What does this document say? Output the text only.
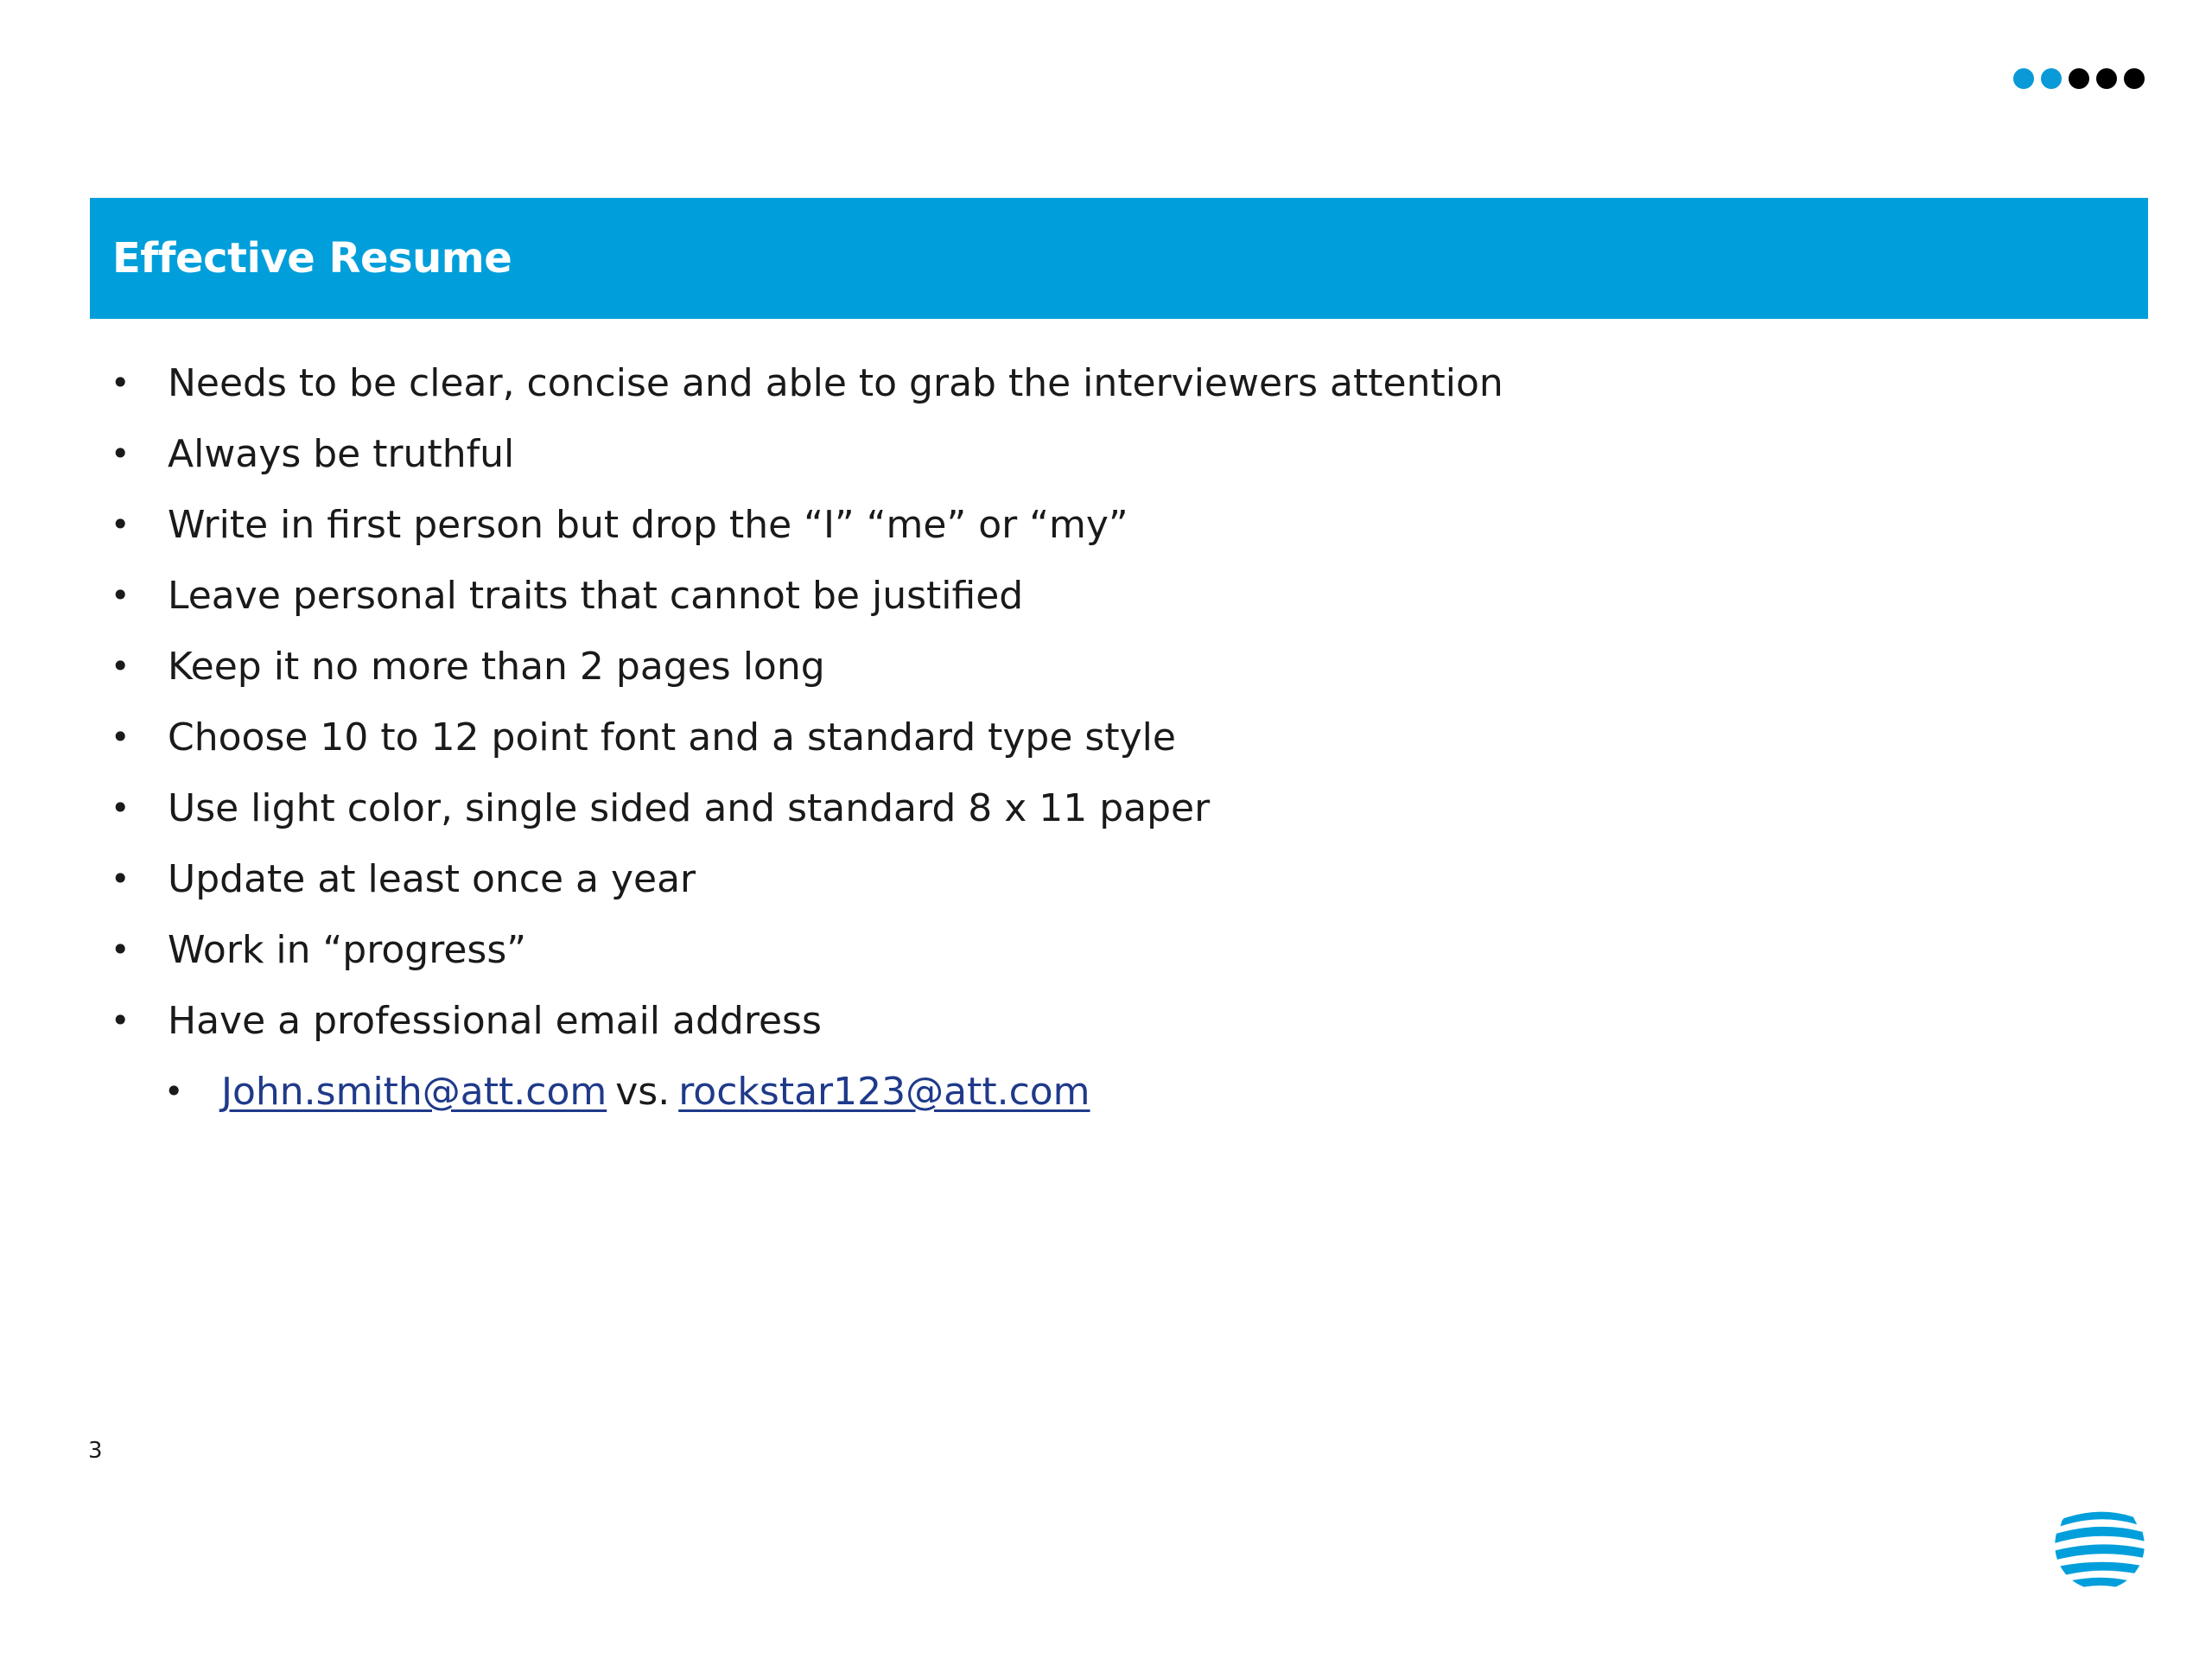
Effective Resume
• Needs to be clear, concise and able to grab the interviewers attention
• Always be truthful
• Write in first person but drop the “I” “me” or “my”
• Leave personal traits that cannot be justified
• Keep it no more than 2 pages long
• Choose 10 to 12 point font and a standard type style
• Use light color, single sided and standard 8 x 11 paper
• Update at least once a year
• Work in “progress”
• Have a professional email address
• John.smith@att.com vs. rockstar123@att.com
3
